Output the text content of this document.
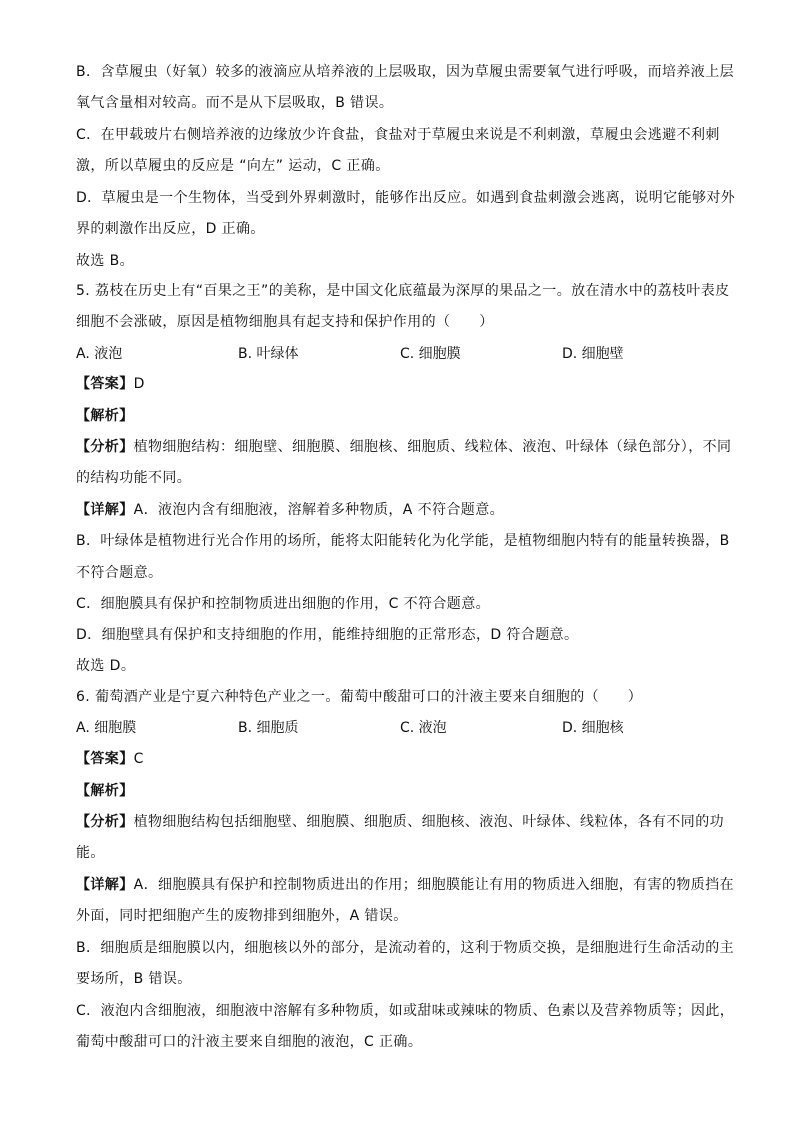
B．含草履虫（好氧）较多的液滴应从培养液的上层吸取，因为草履虫需要氧气进行呼吸，而培养液上层
氧气含量相对较高。而不是从下层吸取，B 错误。
C．在甲载玻片右侧培养液的边缘放少许食盐，食盐对于草履虫来说是不利刺激，草履虫会逃避不利刺
激，所以草履虫的反应是 “向左” 运动，C 正确。
D．草履虫是一个生物体，当受到外界刺激时，能够作出反应。如遇到食盐刺激会逃离，说明它能够对外
界的刺激作出反应，D 正确。
故选 B。
5. 荔枝在历史上有“百果之王”的美称，是中国文化底蕴最为深厚的果品之一。放在清水中的荔枝叶表皮
细胞不会涨破，原因是植物细胞具有起支持和保护作用的（　　）
A. 液泡	B. 叶绿体	C. 细胞膜	D. 细胞壁
【答案】D
【解析】
【分析】植物细胞结构：细胞壁、细胞膜、细胞核、细胞质、线粒体、液泡、叶绿体（绿色部分），不同
的结构功能不同。
【详解】A．液泡内含有细胞液，溶解着多种物质，A 不符合题意。
B．叶绿体是植物进行光合作用的场所，能将太阳能转化为化学能，是植物细胞内特有的能量转换器，B
不符合题意。
C．细胞膜具有保护和控制物质进出细胞的作用，C 不符合题意。
D．细胞壁具有保护和支持细胞的作用，能维持细胞的正常形态，D 符合题意。
故选 D。
6. 葡萄酒产业是宁夏六种特色产业之一。葡萄中酸甜可口的汁液主要来自细胞的（　　）
A. 细胞膜	B. 细胞质	C. 液泡	D. 细胞核
【答案】C
【解析】
【分析】植物细胞结构包括细胞壁、细胞膜、细胞质、细胞核、液泡、叶绿体、线粒体，各有不同的功
能。
【详解】A．细胞膜具有保护和控制物质进出的作用；细胞膜能让有用的物质进入细胞，有害的物质挡在
外面，同时把细胞产生的废物排到细胞外，A 错误。
B．细胞质是细胞膜以内，细胞核以外的部分，是流动着的，这利于物质交换，是细胞进行生命活动的主
要场所，B 错误。
C．液泡内含细胞液，细胞液中溶解有多种物质，如或甜味或辣味的物质、色素以及营养物质等；因此，
葡萄中酸甜可口的汁液主要来自细胞的液泡，C 正确。
